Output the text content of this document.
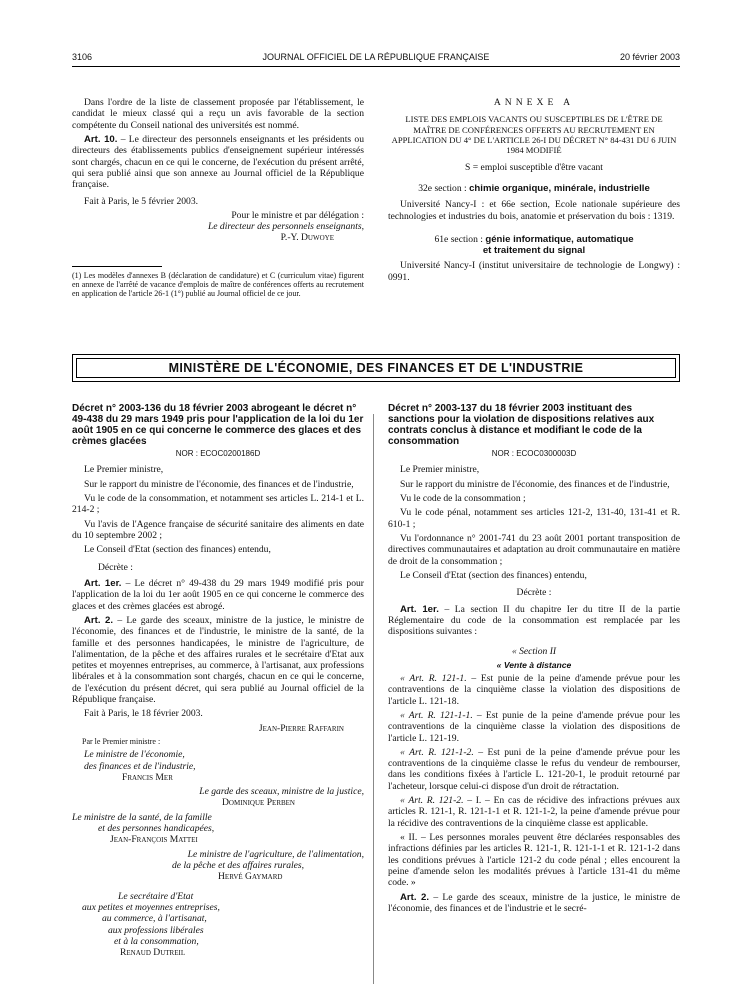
3106	JOURNAL OFFICIEL DE LA RÉPUBLIQUE FRANÇAISE	20 février 2003

Dans l'ordre de la liste de classement proposée par l'établissement, le candidat le mieux classé qui a reçu un avis favorable de la section compétente du Conseil national des universités est nommé.

Art. 10. – Le directeur des personnels enseignants et les présidents ou directeurs des établissements publics d'enseignement supérieur intéressés sont chargés, chacun en ce qui le concerne, de l'exécution du présent arrêté, qui sera publié ainsi que son annexe au Journal officiel de la République française.

Fait à Paris, le 5 février 2003.

Pour le ministre et par délégation :

Le directeur des personnels enseignants,

P.-Y. Duwoye

(1) Les modèles d'annexes B (déclaration de candidature) et C (curriculum vitae) figurent en annexe de l'arrêté de vacance d'emplois de maître de conférences offerts au recrutement en application de l'article 26-1 (1°) publié au Journal officiel de ce jour.

ANNEXE A

LISTE DES EMPLOIS VACANTS OU SUSCEPTIBLES DE L'ÊTRE DE MAÎTRE DE CONFÉRENCES OFFERTS AU RECRUTEMENT EN APPLICATION DU 4° DE L'ARTICLE 26-I DU DÉCRET N° 84-431 DU 6 JUIN 1984 MODIFIÉ

S = emploi susceptible d'être vacant

32e section : chimie organique, minérale, industrielle

Université Nancy-I : et 66e section, Ecole nationale supérieure des technologies et industries du bois, anatomie et préservation du bois : 1319.

61e section : génie informatique, automatique

et traitement du signal

Université Nancy-I (institut universitaire de technologie de Longwy) : 0991.

MINISTÈRE DE L'ÉCONOMIE, DES FINANCES ET DE L'INDUSTRIE
Décret n° 2003-136 du 18 février 2003 abrogeant le décret n° 49-438 du 29 mars 1949 pris pour l'application de la loi du 1er août 1905 en ce qui concerne le commerce des glaces et des crèmes glacées
NOR : ECOC0200186D

Le Premier ministre,

Sur le rapport du ministre de l'économie, des finances et de l'industrie,

Vu le code de la consommation, et notamment ses articles L. 214-1 et L. 214-2 ;

Vu l'avis de l'Agence française de sécurité sanitaire des aliments en date du 10 septembre 2002 ;

Le Conseil d'Etat (section des finances) entendu,

Décrète :

Art. 1er. – Le décret n° 49-438 du 29 mars 1949 modifié pris pour l'application de la loi du 1er août 1905 en ce qui concerne le commerce des glaces et des crèmes glacées est abrogé.

Art. 2. – Le garde des sceaux, ministre de la justice, le ministre de l'économie, des finances et de l'industrie, le ministre de la santé, de la famille et des personnes handicapées, le ministre de l'agriculture, de l'alimentation, de la pêche et des affaires rurales et le secrétaire d'Etat aux petites et moyennes entreprises, au commerce, à l'artisanat, aux professions libérales et à la consommation sont chargés, chacun en ce qui le concerne, de l'exécution du présent décret, qui sera publié au Journal officiel de la République française.

Fait à Paris, le 18 février 2003.

Jean-Pierre Raffarin

Par le Premier ministre :

Le ministre de l'économie,

des finances et de l'industrie,

Francis Mer

Le garde des sceaux, ministre de la justice,

Dominique Perben

Le ministre de la santé, de la famille

et des personnes handicapées,

Jean-François Mattei

Le ministre de l'agriculture, de l'alimentation,

de la pêche et des affaires rurales,

Hervé Gaymard

Le secrétaire d'Etat

aux petites et moyennes entreprises,

au commerce, à l'artisanat,

aux professions libérales

et à la consommation,

Renaud Dutreil

Décret n° 2003-137 du 18 février 2003 instituant des sanctions pour la violation de dispositions relatives aux contrats conclus à distance et modifiant le code de la consommation
NOR : ECOC0300003D

Le Premier ministre,

Sur le rapport du ministre de l'économie, des finances et de l'industrie,

Vu le code de la consommation ;

Vu le code pénal, notamment ses articles 121-2, 131-40, 131-41 et R. 610-1 ;

Vu l'ordonnance n° 2001-741 du 23 août 2001 portant transposition de directives communautaires et adaptation au droit communautaire en matière de droit de la consommation ;

Le Conseil d'Etat (section des finances) entendu,

Décrète :

Art. 1er. – La section II du chapitre Ier du titre II de la partie Réglementaire du code de la consommation est remplacée par les dispositions suivantes :

« Section II

« Vente à distance

« Art. R. 121-1. – Est punie de la peine d'amende prévue pour les contraventions de la cinquième classe la violation des dispositions de l'article L. 121-18.

« Art. R. 121-1-1. – Est punie de la peine d'amende prévue pour les contraventions de la cinquième classe la violation des dispositions de l'article L. 121-19.

« Art. R. 121-1-2. – Est puni de la peine d'amende prévue pour les contraventions de la cinquième classe le refus du vendeur de rembourser, dans les conditions fixées à l'article L. 121-20-1, le produit retourné par l'acheteur, lorsque celui-ci dispose d'un droit de rétractation.

« Art. R. 121-2. – I. – En cas de récidive des infractions prévues aux articles R. 121-1, R. 121-1-1 et R. 121-1-2, la peine d'amende prévue pour la récidive des contraventions de la cinquième classe est applicable.

« II. – Les personnes morales peuvent être déclarées responsables des infractions définies par les articles R. 121-1, R. 121-1-1 et R. 121-1-2 dans les conditions prévues à l'article 121-2 du code pénal ; elles encourent la peine d'amende selon les modalités prévues à l'article 131-41 du même code. »

Art. 2. – Le garde des sceaux, ministre de la justice, le ministre de l'économie, des finances et de l'industrie et le secré-
